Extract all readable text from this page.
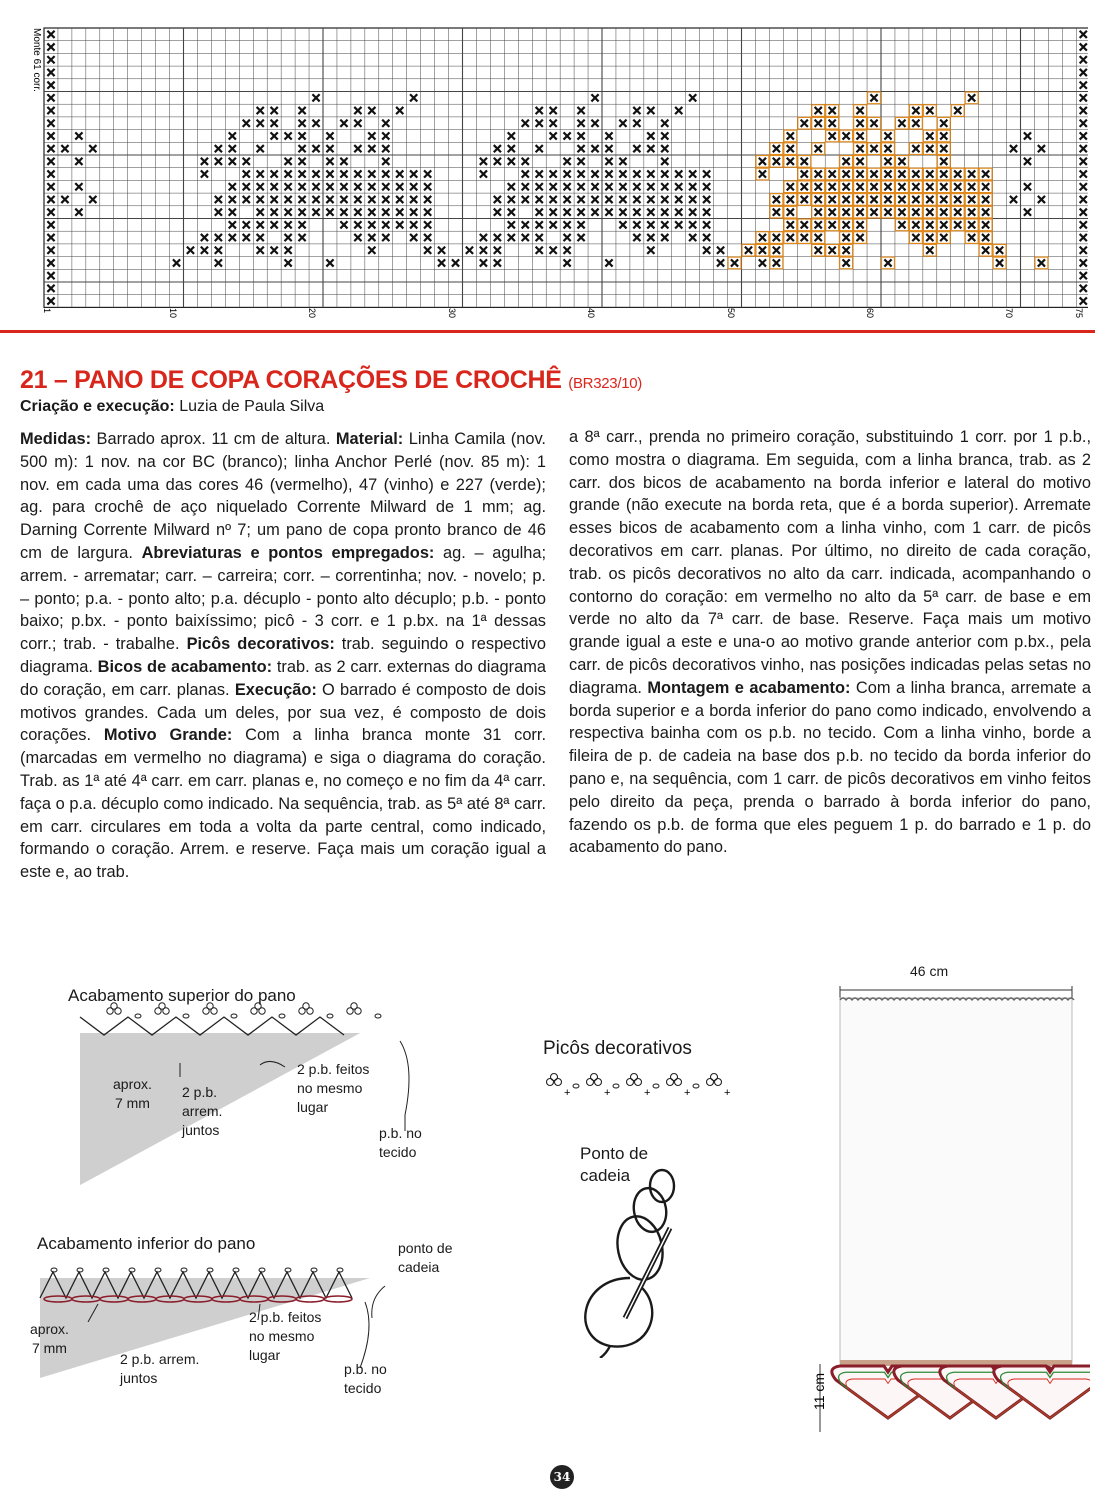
Monte 61 corr.
1	10	20	30	40	50	60	70	75
21 – PANO DE COPA CORAÇÕES DE CROCHÊ (BR323/10)
Criação e execução: Luzia de Paula Silva
Medidas: Barrado aprox. 11 cm de altura. Material: Linha Camila (nov. 500 m): 1 nov. na cor BC (branco); linha Anchor Perlé (nov. 85 m): 1 nov. em cada uma das cores 46 (vermelho), 47 (vinho) e 227 (verde); ag. para crochê de aço niquelado Corrente Milward de 1 mm; ag. Darning Corrente Milward nº 7; um pano de copa pronto branco de 46 cm de largura. Abreviaturas e pontos empregados: ag. – agulha; arrem. - arrematar; carr. – carreira; corr. – correntinha; nov. - novelo; p. – ponto; p.a. - ponto alto; p.a. décuplo - ponto alto décuplo; p.b. - ponto baixo; p.bx. - ponto baixíssimo; picô - 3 corr. e 1 p.bx. na 1ª dessas corr.; trab. - trabalhe. Picôs decorativos: trab. seguindo o respectivo diagrama. Bicos de acabamento: trab. as 2 carr. externas do diagrama do coração, em carr. planas. Execução: O barrado é composto de dois motivos grandes. Cada um deles, por sua vez, é composto de dois corações. Motivo Grande: Com a linha branca monte 31 corr. (marcadas em vermelho no diagrama) e siga o diagrama do coração. Trab. as 1ª até 4ª carr. em carr. planas e, no começo e no fim da 4ª carr. faça o p.a. décuplo como indicado. Na sequência, trab. as 5ª até 8ª carr. em carr. circulares em toda a volta da parte central, como indicado, formando o coração. Arrem. e reserve. Faça mais um coração igual a este e, ao trab.
a 8ª carr., prenda no primeiro coração, substituindo 1 corr. por 1 p.b., como mostra o diagrama. Em seguida, com a linha branca, trab. as 2 carr. dos bicos de acabamento na borda inferior e lateral do motivo grande (não execute na borda reta, que é a borda superior). Arremate esses bicos de acabamento com a linha vinho, com 1 carr. de picôs decorativos em carr. planas. Por último, no direito de cada coração, trab. os picôs decorativos no alto da carr. indicada, acompanhando o contorno do coração: em vermelho no alto da 5ª carr. de base e em verde no alto da 7ª carr. de base. Reserve. Faça mais um motivo grande igual a este e una-o ao motivo grande anterior com p.bx., pela carr. de picôs decorativos vinho, nas posições indicadas pelas setas no diagrama. Montagem e acabamento: Com a linha branca, arremate a borda superior e a borda inferior do pano como indicado, envolvendo a respectiva bainha com os p.b. no tecido. Com a linha vinho, borde a fileira de p. de cadeia na base dos p.b. no tecido da borda inferior do pano e, na sequência, com 1 carr. de picôs decorativos em vinho feitos pelo direito da peça, prenda o barrado à borda inferior do pano, fazendo os p.b. de forma que eles peguem 1 p. do barrado e 1 p. do acabamento do pano.
Acabamento superior do pano
aprox.
7 mm
2 p.b.
arrem.
juntos
2 p.b. feitos
no mesmo
lugar
p.b. no
tecido
Acabamento inferior do pano	ponto de
cadeia
aprox.
7 mm
2 p.b. feitos
no mesmo
lugar
2 p.b. arrem.
juntos
p.b. no
tecido
Picôs decorativos
+	+	+	+	+
Ponto de
cadeia
46 cm
11 cm
34
